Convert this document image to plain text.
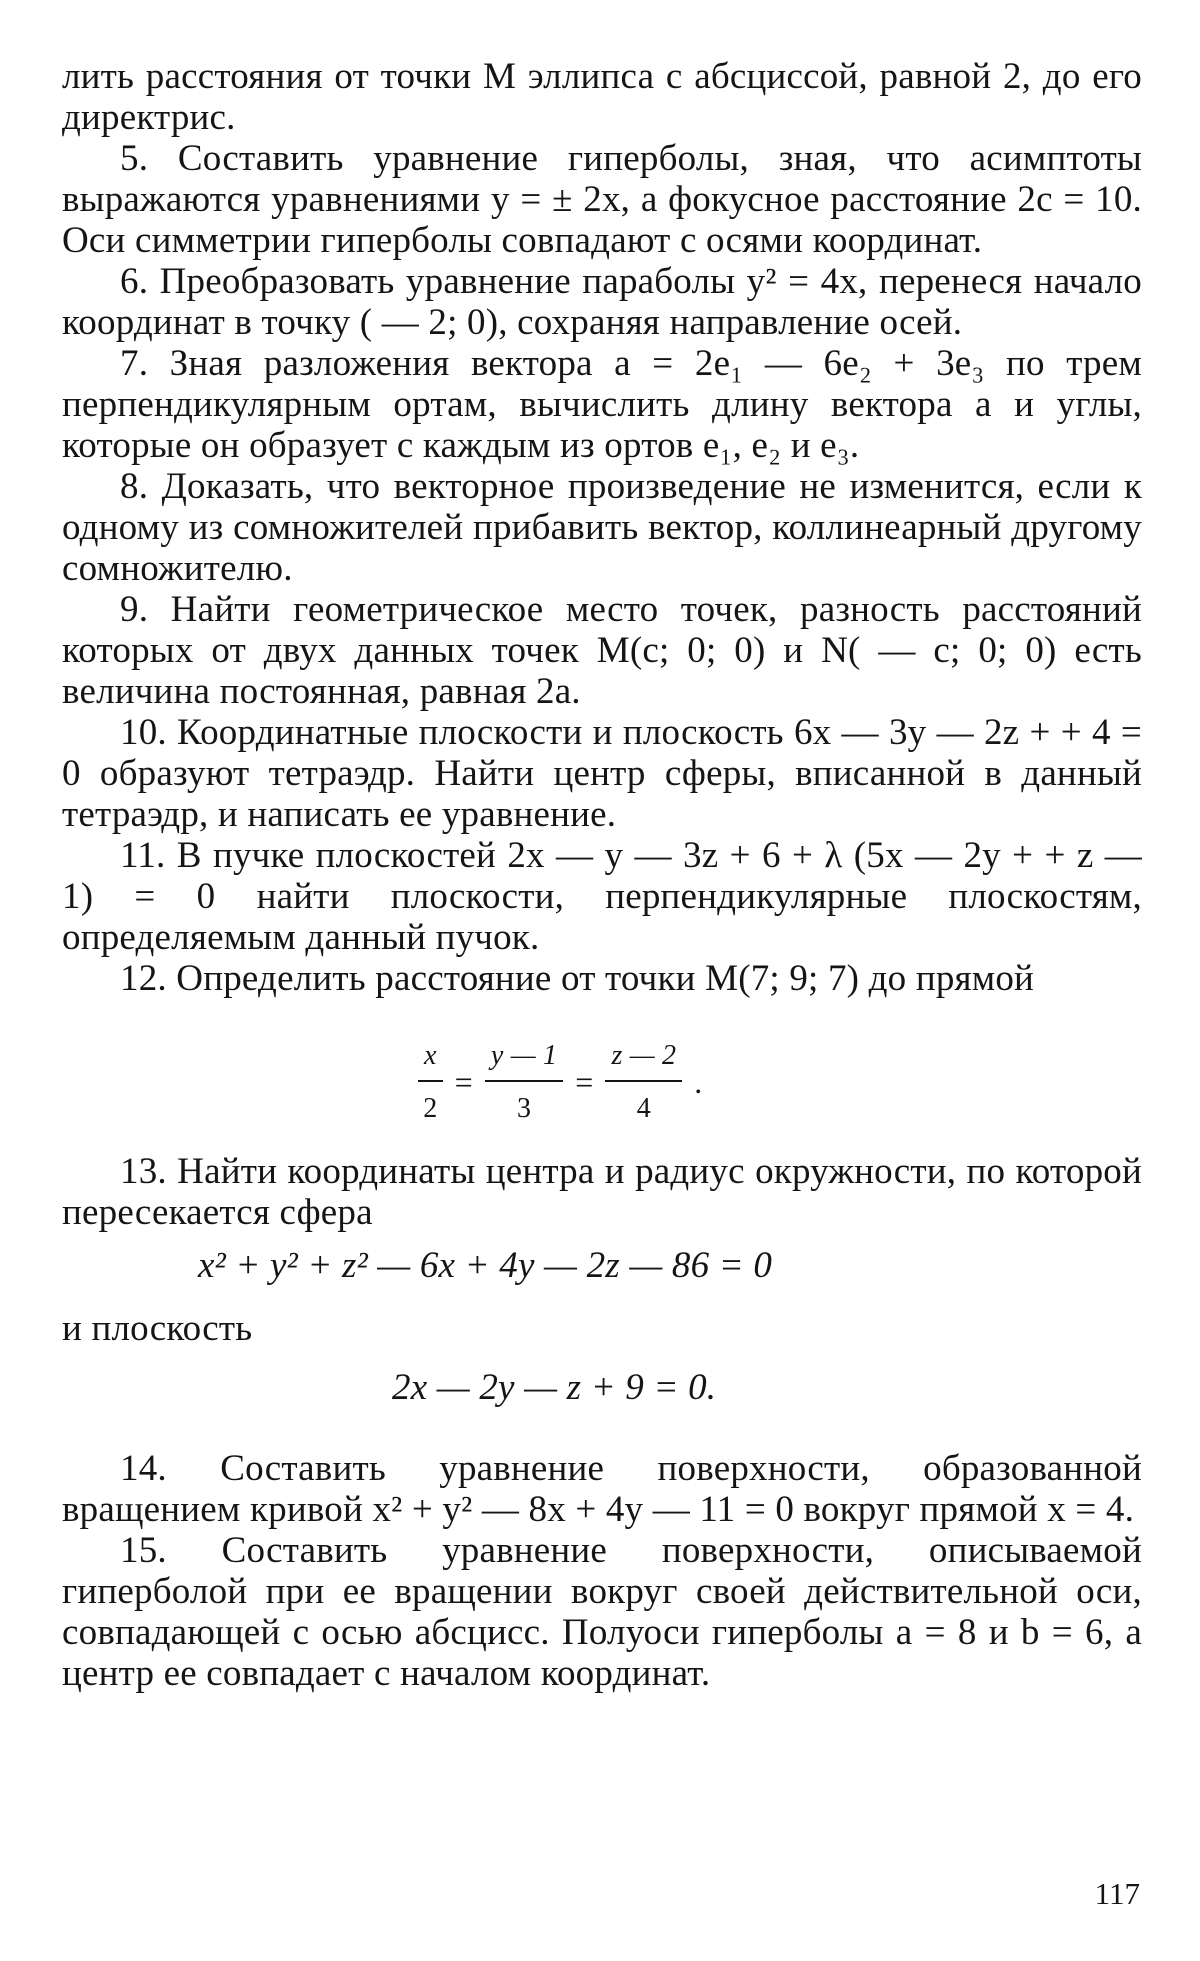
лить расстояния от точки M эллипса с абсциссой, равной 2, до его директрис.

5. Составить уравнение гиперболы, зная, что асимптоты выражаются уравнениями y = ± 2x, а фокусное расстояние 2c = 10. Оси симметрии гиперболы совпадают с осями координат.

6. Преобразовать уравнение параболы y² = 4x, перенеся начало координат в точку ( — 2; 0), сохраняя направление осей.

7. Зная разложения вектора a = 2e₁ — 6e₂ + 3e₃ по трем перпендикулярным ортам, вычислить длину вектора a и углы, которые он образует с каждым из ортов e₁, e₂ и e₃.

8. Доказать, что векторное произведение не изменится, если к одному из сомножителей прибавить вектор, коллинеарный другому сомножителю.

9. Найти геометрическое место точек, разность расстояний которых от двух данных точек M(c; 0; 0) и N( — c; 0; 0) есть величина постоянная, равная 2a.

10. Координатные плоскости и плоскость 6x — 3y — 2z + + 4 = 0 образуют тетраэдр. Найти центр сферы, вписанной в данный тетраэдр, и написать ее уравнение.

11. В пучке плоскостей 2x — y — 3z + 6 + λ (5x — 2y + + z — 1) = 0 найти плоскости, перпендикулярные плоскостям, определяемым данный пучок.

12. Определить расстояние от точки M(7; 9; 7) до прямой

$\frac{x}{2} = \frac{y — 1}{3} = \frac{z — 2}{4}$ .

13. Найти координаты центра и радиус окружности, по которой пересекается сфера

x² + y² + z² — 6x + 4y — 2z — 86 = 0

и плоскость

2x — 2y — z + 9 = 0.

14. Составить уравнение поверхности, образованной вращением кривой x² + y² — 8x + 4y — 11 = 0 вокруг прямой x = 4.

15. Составить уравнение поверхности, описываемой гиперболой при ее вращении вокруг своей действительной оси, совпадающей с осью абсцисс. Полуоси гиперболы a = 8 и b = 6, а центр ее совпадает с началом координат.

117
